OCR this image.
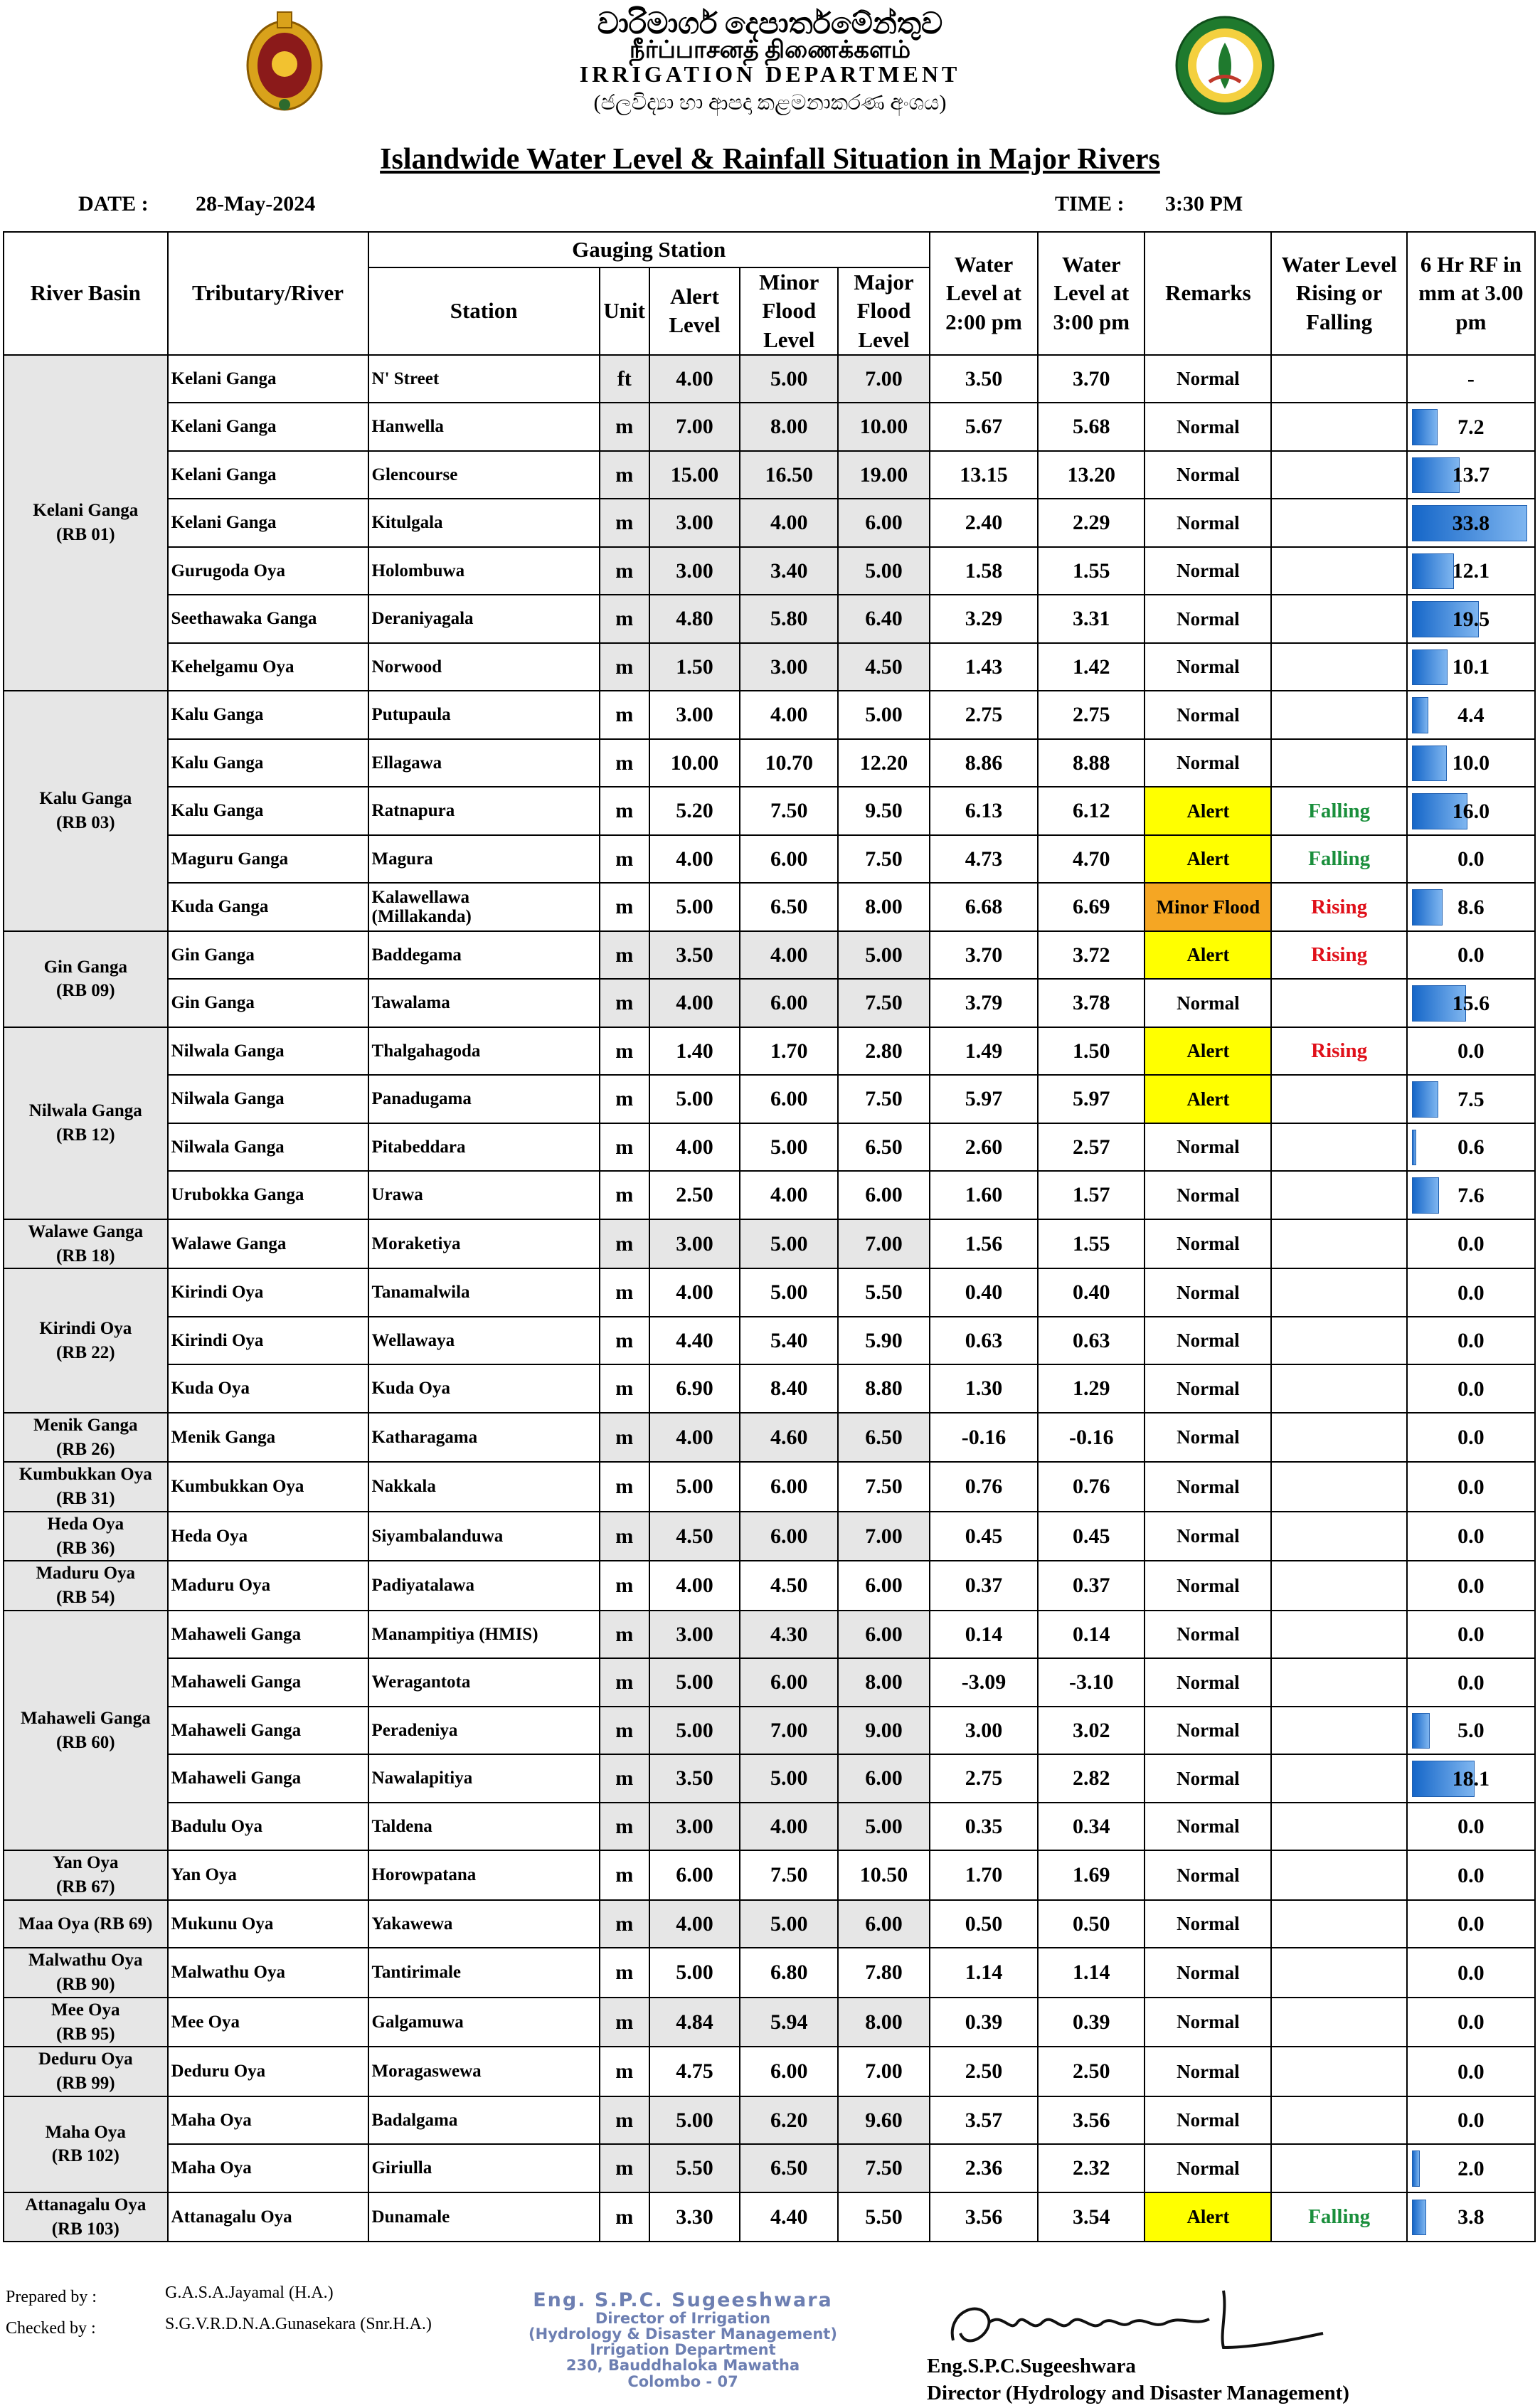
වාරිමාර්ග දෙපාර්තමේන්තුව
நீர்ப்பாசனத் திணைக்களம்
IRRIGATION DEPARTMENT
(ජලවිද්‍යා හා ආපදා කළමනාකරණ අංශය)
Islandwide Water Level & Rainfall Situation in Major Rivers
DATE : 28-May-2024	TIME : 3:30 PM
River Basin	Tributary/River	Gauging Station					Water Level at 2:00 pm	Water Level at 3:00 pm	Remarks	Water Level Rising or Falling	6 Hr RF in mm at 3.00 pm
		Station	Unit	Alert Level	Minor Flood Level	Major Flood Level					
Kelani Ganga
(RB 01)	Kelani Ganga	N' Street	ft	4.00	5.00	7.00	3.50	3.70	Normal		-

	Kelani Ganga	Hanwella	m	7.00	8.00	10.00	5.67	5.68	Normal		7.2

	Kelani Ganga	Glencourse	m	15.00	16.50	19.00	13.15	13.20	Normal		13.7

	Kelani Ganga	Kitulgala	m	3.00	4.00	6.00	2.40	2.29	Normal		33.8

	Gurugoda Oya	Holombuwa	m	3.00	3.40	5.00	1.58	1.55	Normal		12.1

	Seethawaka Ganga	Deraniyagala	m	4.80	5.80	6.40	3.29	3.31	Normal		19.5

	Kehelgamu Oya	Norwood	m	1.50	3.00	4.50	1.43	1.42	Normal		10.1

Kalu Ganga
(RB 03)	Kalu Ganga	Putupaula	m	3.00	4.00	5.00	2.75	2.75	Normal		4.4

	Kalu Ganga	Ellagawa	m	10.00	10.70	12.20	8.86	8.88	Normal		10.0

	Kalu Ganga	Ratnapura	m	5.20	7.50	9.50	6.13	6.12	Alert	Falling	16.0

	Maguru Ganga	Magura	m	4.00	6.00	7.50	4.73	4.70	Alert	Falling	0.0

	Kuda Ganga	Kalawellawa
(Millakanda)	m	5.00	6.50	8.00	6.68	6.69	Minor Flood	Rising	8.6

Gin Ganga
(RB 09)	Gin Ganga	Baddegama	m	3.50	4.00	5.00	3.70	3.72	Alert	Rising	0.0

	Gin Ganga	Tawalama	m	4.00	6.00	7.50	3.79	3.78	Normal		15.6

Nilwala Ganga
(RB 12)	Nilwala Ganga	Thalgahagoda	m	1.40	1.70	2.80	1.49	1.50	Alert	Rising	0.0

	Nilwala Ganga	Panadugama	m	5.00	6.00	7.50	5.97	5.97	Alert		7.5

	Nilwala Ganga	Pitabeddara	m	4.00	5.00	6.50	2.60	2.57	Normal		0.6

	Urubokka Ganga	Urawa	m	2.50	4.00	6.00	1.60	1.57	Normal		7.6

Walawe Ganga
(RB 18)	Walawe Ganga	Moraketiya	m	3.00	5.00	7.00	1.56	1.55	Normal		0.0

Kirindi Oya
(RB 22)	Kirindi Oya	Tanamalwila	m	4.00	5.00	5.50	0.40	0.40	Normal		0.0

	Kirindi Oya	Wellawaya	m	4.40	5.40	5.90	0.63	0.63	Normal		0.0

	Kuda Oya	Kuda Oya	m	6.90	8.40	8.80	1.30	1.29	Normal		0.0

Menik Ganga
(RB 26)	Menik Ganga	Katharagama	m	4.00	4.60	6.50	-0.16	-0.16	Normal		0.0

Kumbukkan Oya
(RB 31)	Kumbukkan Oya	Nakkala	m	5.00	6.00	7.50	0.76	0.76	Normal		0.0

Heda Oya
(RB 36)	Heda Oya	Siyambalanduwa	m	4.50	6.00	7.00	0.45	0.45	Normal		0.0

Maduru Oya
(RB 54)	Maduru Oya	Padiyatalawa	m	4.00	4.50	6.00	0.37	0.37	Normal		0.0

Mahaweli Ganga
(RB 60)	Mahaweli Ganga	Manampitiya (HMIS)	m	3.00	4.30	6.00	0.14	0.14	Normal		0.0

	Mahaweli Ganga	Weragantota	m	5.00	6.00	8.00	-3.09	-3.10	Normal		0.0

	Mahaweli Ganga	Peradeniya	m	5.00	7.00	9.00	3.00	3.02	Normal		5.0

	Mahaweli Ganga	Nawalapitiya	m	3.50	5.00	6.00	2.75	2.82	Normal		18.1

	Badulu Oya	Taldena	m	3.00	4.00	5.00	0.35	0.34	Normal		0.0

Yan Oya
(RB 67)	Yan Oya	Horowpatana	m	6.00	7.50	10.50	1.70	1.69	Normal		0.0

Maa Oya (RB 69)	Mukunu Oya	Yakawewa	m	4.00	5.00	6.00	0.50	0.50	Normal		0.0

Malwathu Oya
(RB 90)	Malwathu Oya	Tantirimale	m	5.00	6.80	7.80	1.14	1.14	Normal		0.0

Mee Oya
(RB 95)	Mee Oya	Galgamuwa	m	4.84	5.94	8.00	0.39	0.39	Normal		0.0

Deduru Oya
(RB 99)	Deduru Oya	Moragaswewa	m	4.75	6.00	7.00	2.50	2.50	Normal		0.0

Maha Oya
(RB 102)	Maha Oya	Badalgama	m	5.00	6.20	9.60	3.57	3.56	Normal		0.0

	Maha Oya	Giriulla	m	5.50	6.50	7.50	2.36	2.32	Normal		2.0

Attanagalu Oya
(RB 103)	Attanagalu Oya	Dunamale	m	3.30	4.40	5.50	3.56	3.54	Alert	Falling	3.8
Prepared by :	G.A.S.A.Jayamal (H.A.)
Checked by :	S.G.V.R.D.N.A.Gunasekara (Snr.H.A.)
Eng. S.P.C. Sugeeshwara
Director of Irrigation
(Hydrology & Disaster Management)
Irrigation Department
230, Bauddhaloka Mawatha
Colombo - 07
Eng.S.P.C.Sugeeshwara
Director (Hydrology and Disaster Management)
